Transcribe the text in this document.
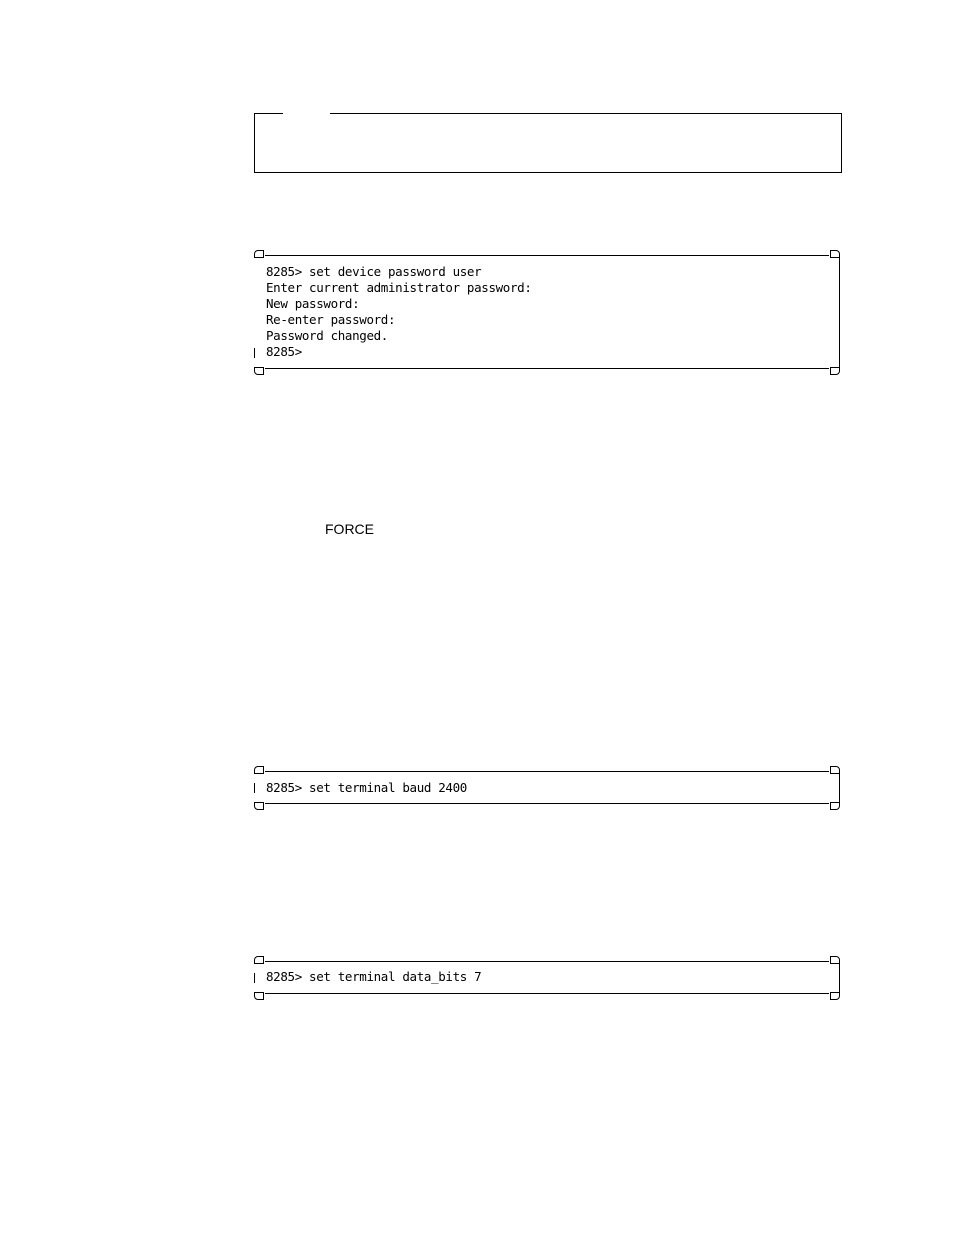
8285> set device password user
Enter current administrator password:
New password:
Re-enter password:
Password changed.
8285>
FORCE
8285> set terminal baud 2400
8285> set terminal data_bits 7
